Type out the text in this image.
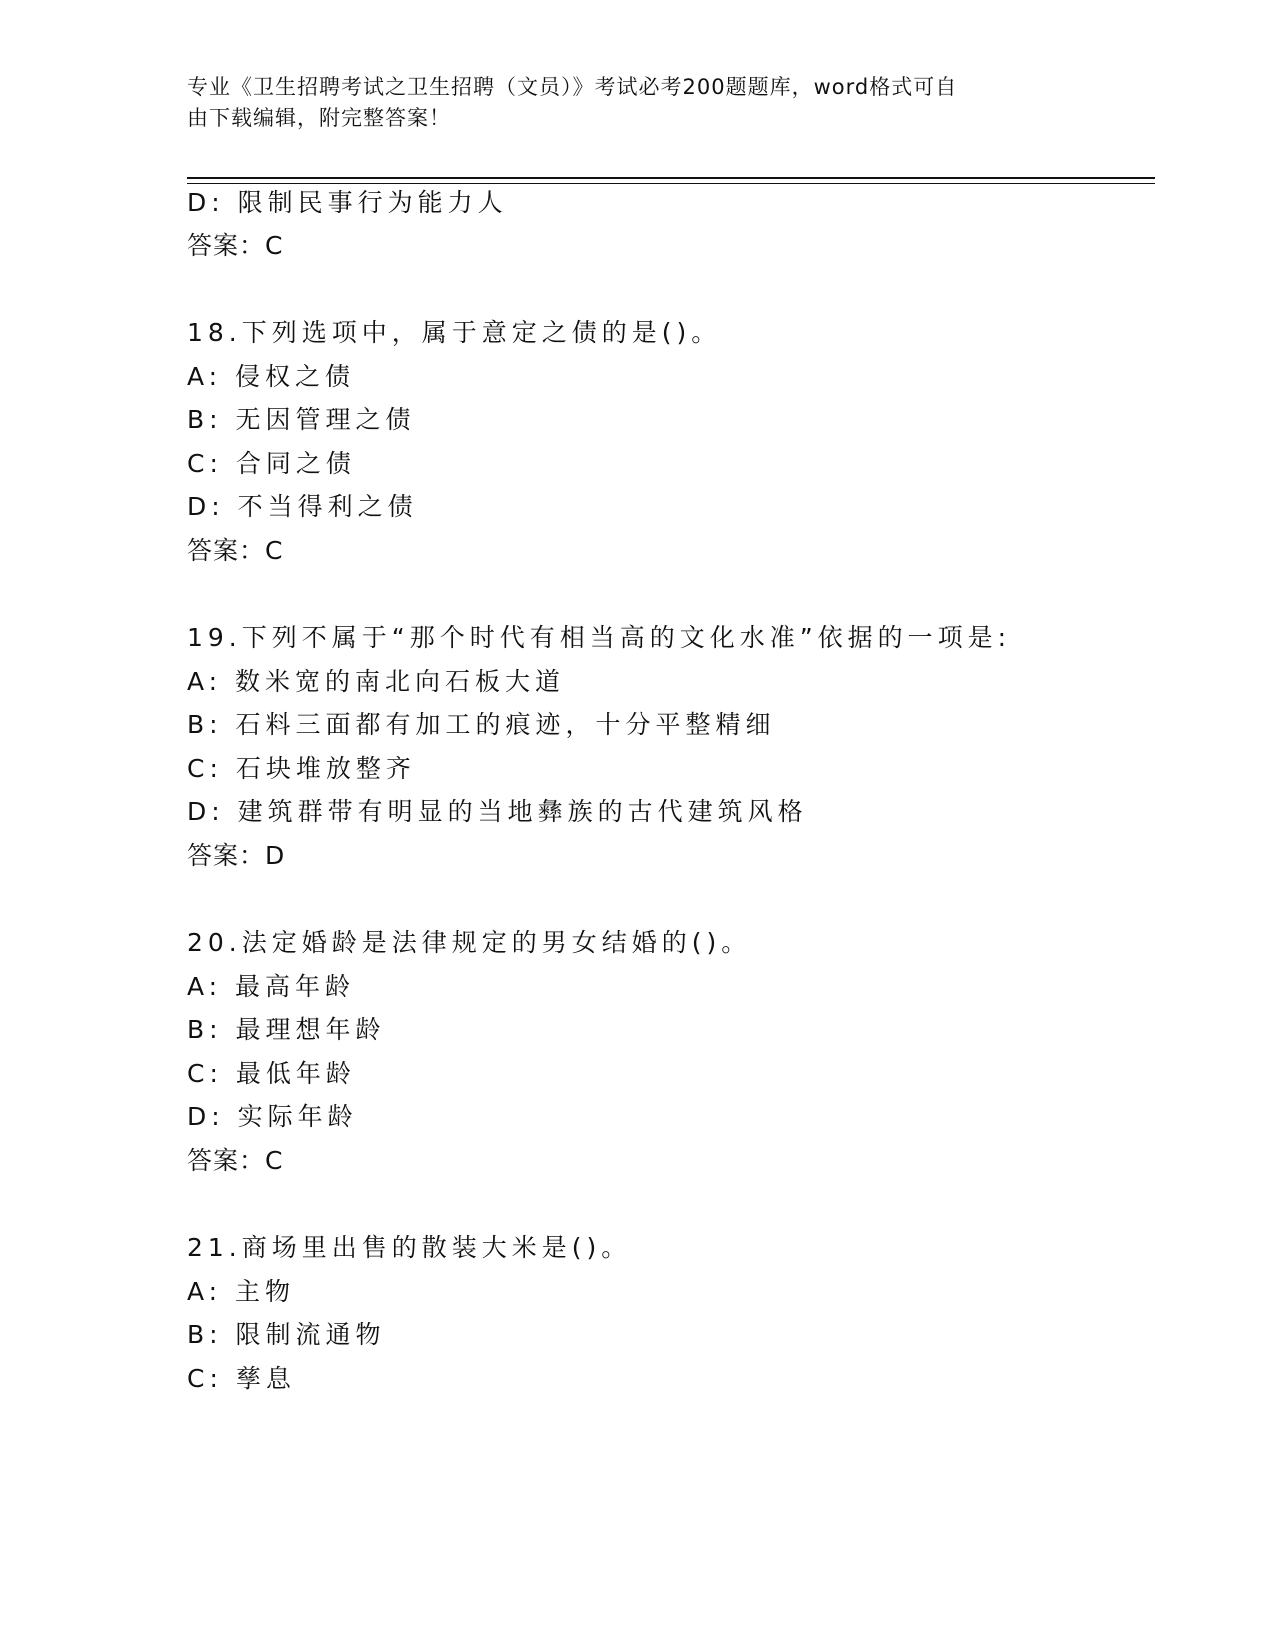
专业《卫生招聘考试之卫生招聘（文员）》考试必考200题题库，word格式可自
由下载编辑，附完整答案！
D: 限制民事行为能力人
答案：C
18.下列选项中，属于意定之债的是()。
A: 侵权之债
B: 无因管理之债
C: 合同之债
D: 不当得利之债
答案：C
19.下列不属于“那个时代有相当高的文化水准”依据的一项是:
A: 数米宽的南北向石板大道
B: 石料三面都有加工的痕迹，十分平整精细
C: 石块堆放整齐
D: 建筑群带有明显的当地彝族的古代建筑风格
答案：D
20.法定婚龄是法律规定的男女结婚的()。
A: 最高年龄
B: 最理想年龄
C: 最低年龄
D: 实际年龄
答案：C
21.商场里出售的散装大米是()。
A: 主物
B: 限制流通物
C: 孳息
